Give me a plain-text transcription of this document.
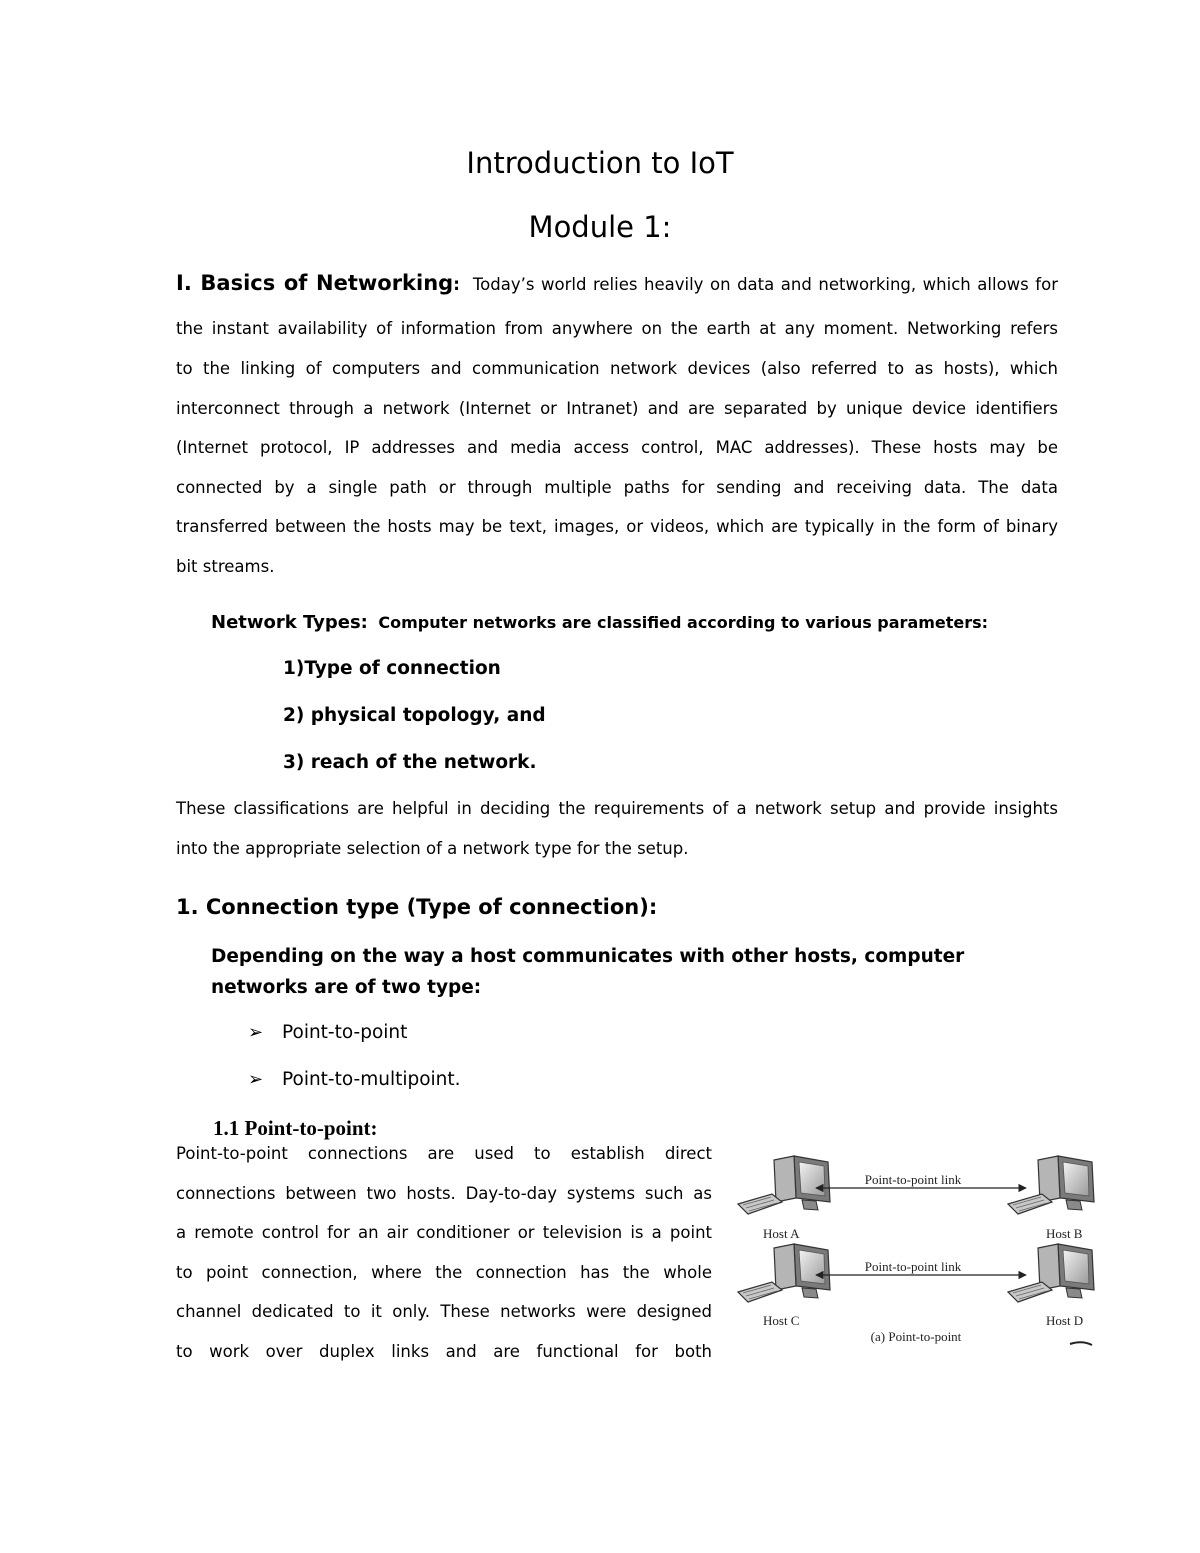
Introduction to IoT
Module 1:
I. Basics of Networking: Today’s world relies heavily on data and networking, which allows for
the instant availability of information from anywhere on the earth at any moment. Networking refers
to the linking of computers and communication network devices (also referred to as hosts), which
interconnect through a network (Internet or Intranet) and are separated by unique device identifiers
(Internet protocol, IP addresses and media access control, MAC addresses). These hosts may be
connected by a single path or through multiple paths for sending and receiving data. The data
transferred between the hosts may be text, images, or videos, which are typically in the form of binary
bit streams.
Network Types: Computer networks are classified according to various parameters:
1)Type of connection
2) physical topology, and
3) reach of the network.
These classifications are helpful in deciding the requirements of a network setup and provide insights
into the appropriate selection of a network type for the setup.
1. Connection type (Type of connection):
Depending on the way a host communicates with other hosts, computer networks are of two type:
➢ Point-to-point
➢ Point-to-multipoint.
1.1 Point-to-point:
Point-to-point connections are used to establish direct
connections between two hosts. Day-to-day systems such as
a remote control for an air conditioner or television is a point
to point connection, where the connection has the whole
channel dedicated to it only. These networks were designed
to work over duplex links and are functional for both
Point-to-point link
Host A	Host B
Point-to-point link
Host C	Host D
(a) Point-to-point
